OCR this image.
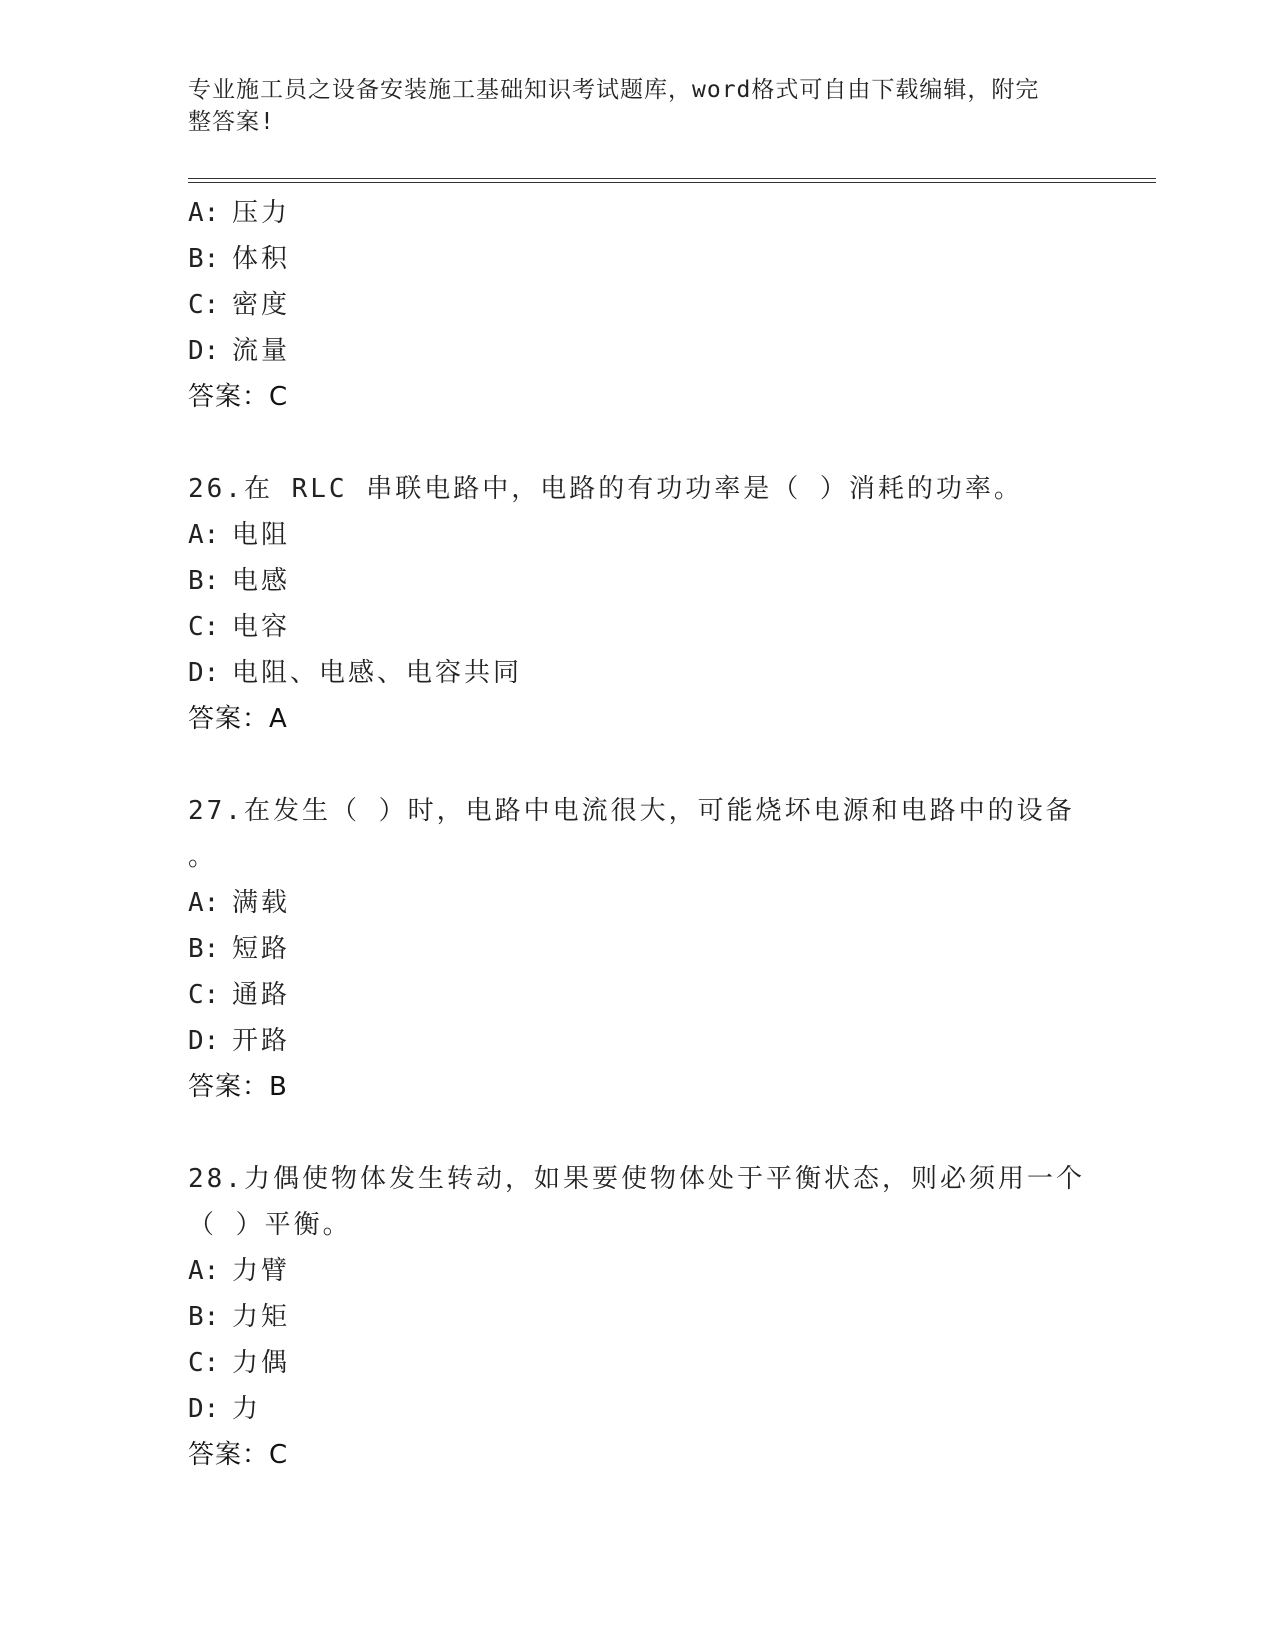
专业施工员之设备安装施工基础知识考试题库，word格式可自由下载编辑，附完
整答案!
A: 压力
B: 体积
C: 密度
D: 流量
答案：C
26.在 RLC 串联电路中，电路的有功功率是（ ）消耗的功率。
A: 电阻
B: 电感
C: 电容
D: 电阻、电感、电容共同
答案：A
27.在发生（ ）时，电路中电流很大，可能烧坏电源和电路中的设备
。
A: 满载
B: 短路
C: 通路
D: 开路
答案：B
28.力偶使物体发生转动，如果要使物体处于平衡状态，则必须用一个
（ ）平衡。
A: 力臂
B: 力矩
C: 力偶
D: 力
答案：C
